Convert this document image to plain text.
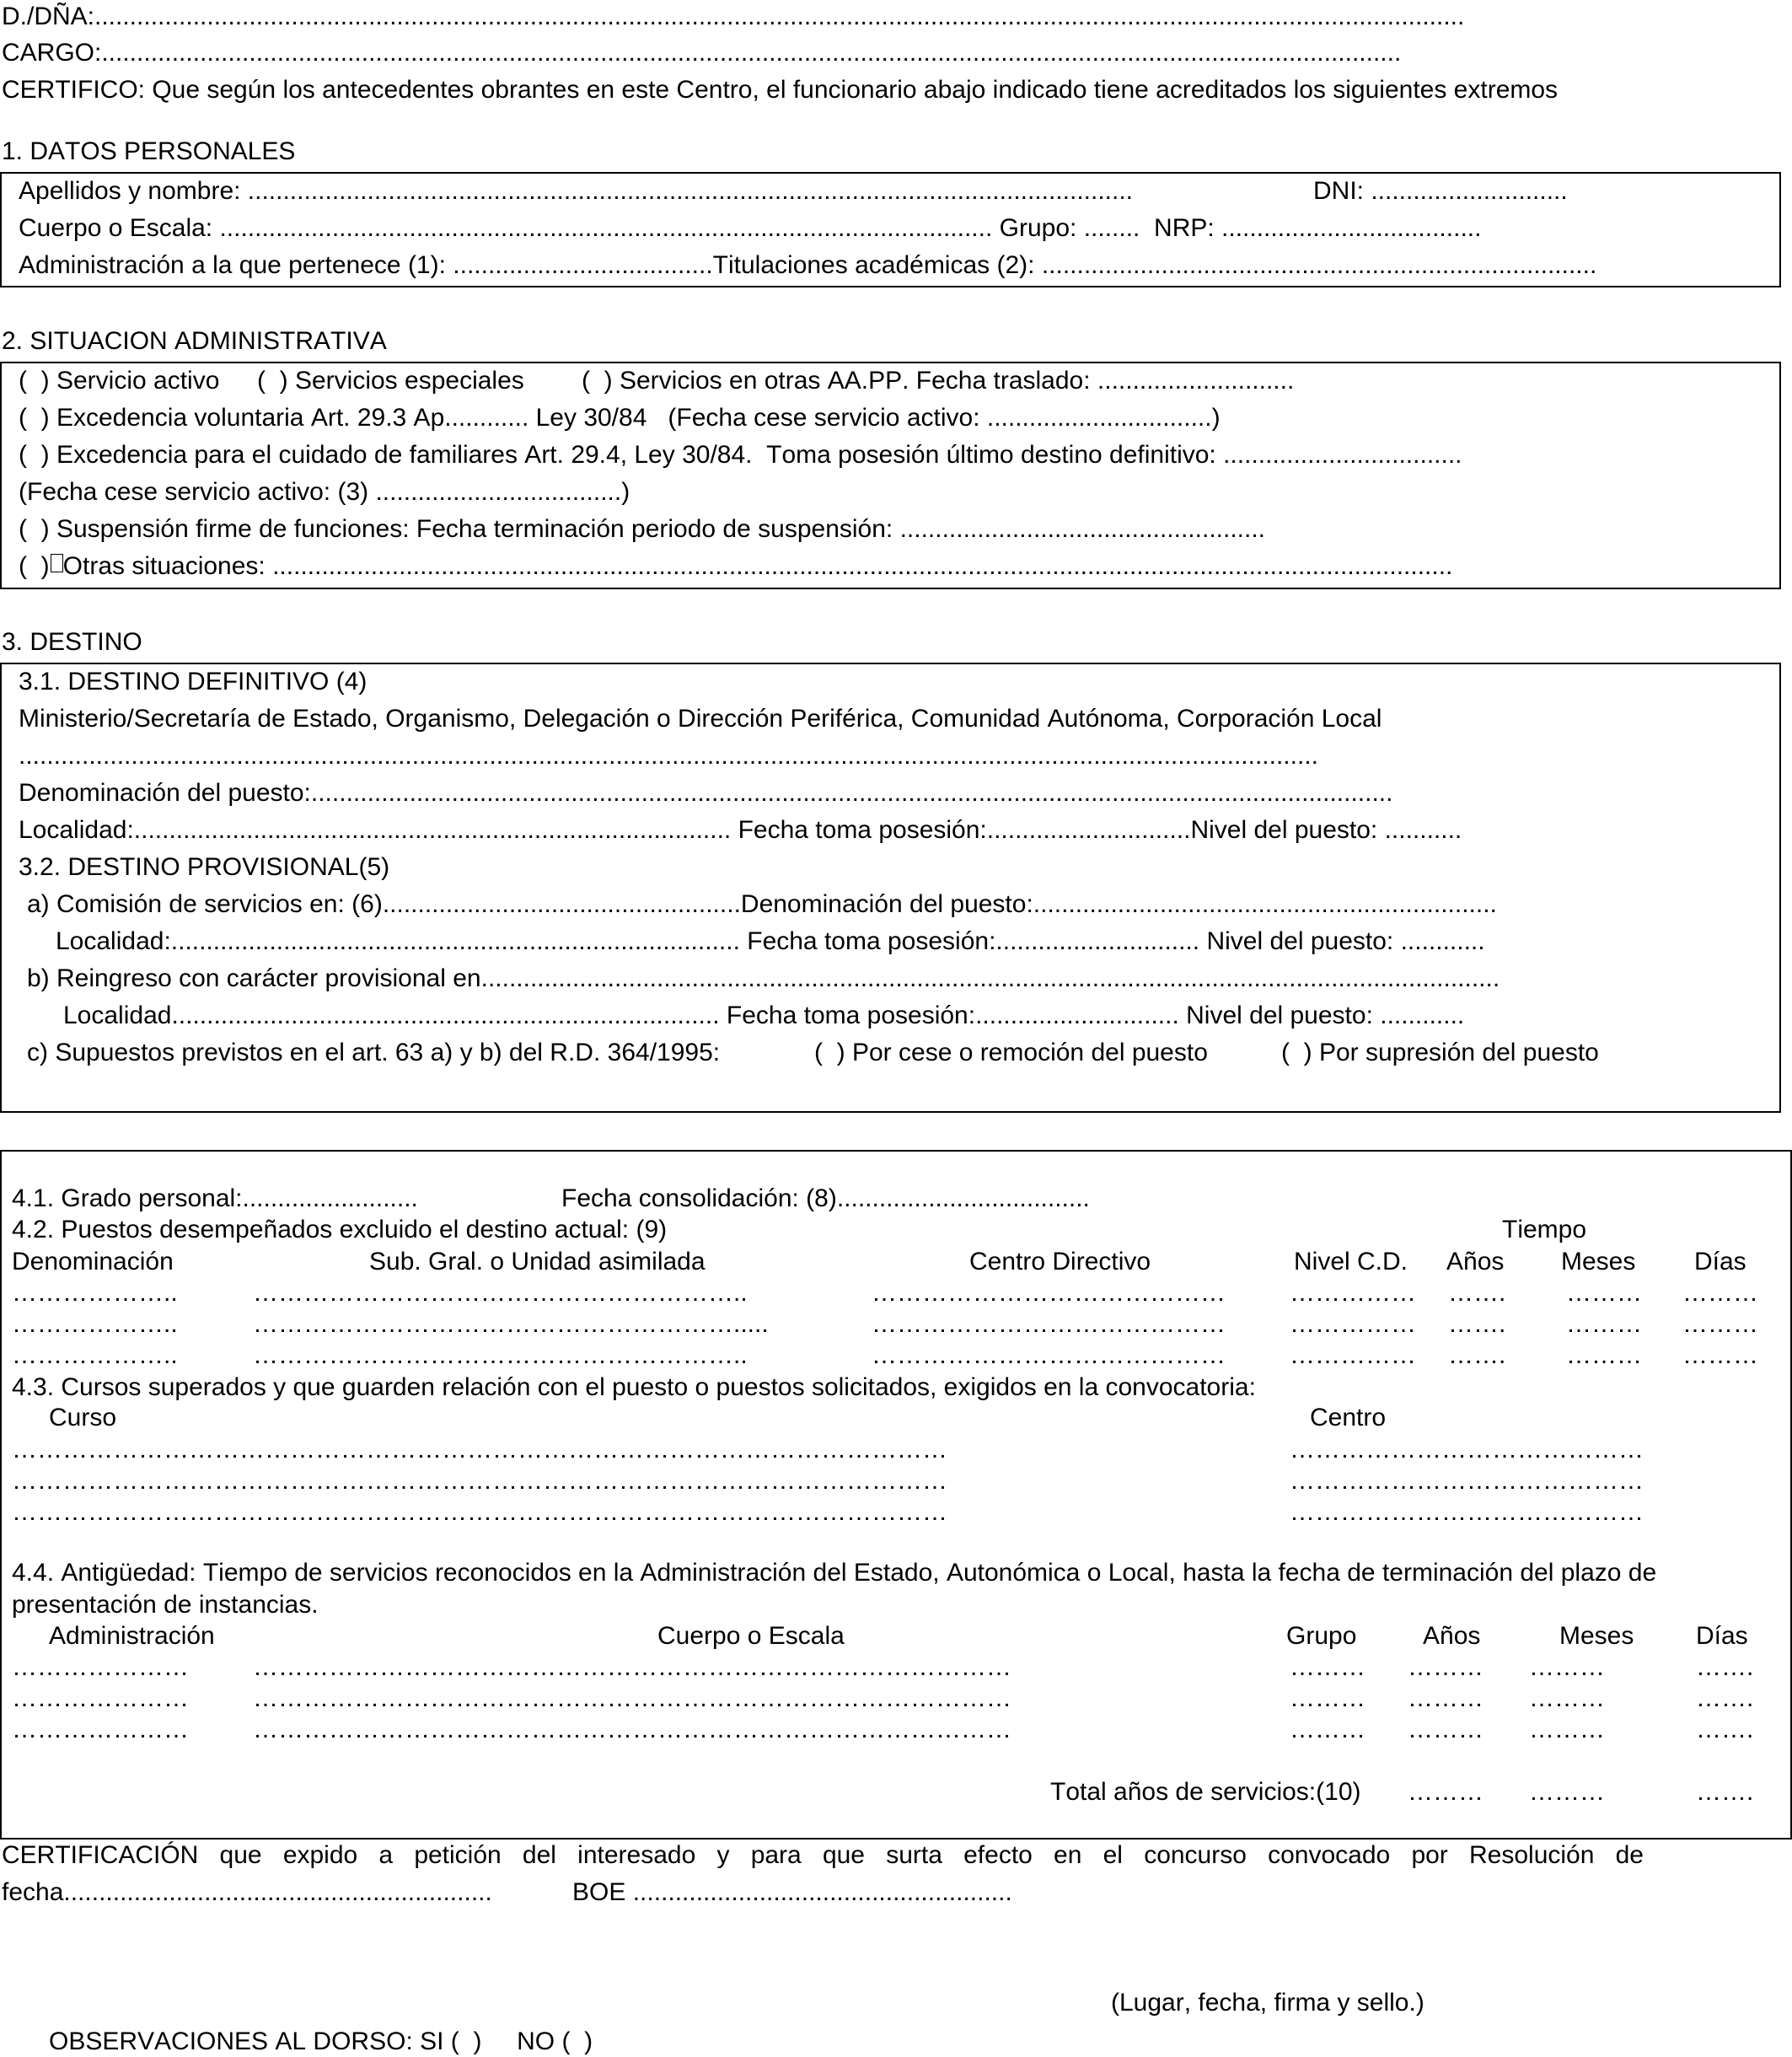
D./DÑA:...................................................................................................................................................................................................
CARGO:.........................................................................................................................................................................................
CERTIFICO: Que según los antecedentes obrantes en este Centro, el funcionario abajo indicado tiene acreditados los siguientes extremos
1. DATOS PERSONALES
Apellidos y nombre: ..............................................................................................................................	DNI: ............................
Cuerpo o Escala: .............................................................................................................. Grupo: ........  NRP: .....................................
Administración a la que pertenece (1): .....................................Titulaciones académicas (2): ...............................................................................
2. SITUACION ADMINISTRATIVA
(  ) Servicio activo (  ) Servicios especiales (  ) Servicios en otras AA.PP. Fecha traslado: ............................
(  ) Excedencia voluntaria Art. 29.3 Ap............ Ley 30/84   (Fecha cese servicio activo: ................................)
(  ) Excedencia para el cuidado de familiares Art. 29.4, Ley 30/84.  Toma posesión último destino definitivo: ..................................
(Fecha cese servicio activo: (3) ...................................)
(  ) Suspensión firme de funciones: Fecha terminación periodo de suspensión: ....................................................
(  ) Otras situaciones: ........................................................................................................................................................................
3. DESTINO
3.1. DESTINO DEFINITIVO (4)
Ministerio/Secretaría de Estado, Organismo, Delegación o Dirección Periférica, Comunidad Autónoma, Corporación Local
.........................................................................................................................................................................................
Denominación del puesto:..........................................................................................................................................................
Localidad:..................................................................................... Fecha toma posesión:.............................Nivel del puesto: ...........
3.2. DESTINO PROVISIONAL(5)
a) Comisión de servicios en: (6)...................................................Denominación del puesto:..................................................................
Localidad:................................................................................. Fecha toma posesión:............................. Nivel del puesto: ............
b) Reingreso con carácter provisional en.................................................................................................................................................
Localidad.............................................................................. Fecha toma posesión:............................. Nivel del puesto: ............
c) Supuestos previstos en el art. 63 a) y b) del R.D. 364/1995:	(  ) Por cese o remoción del puesto	(  ) Por supresión del puesto
4.1. Grado personal:.........................	Fecha consolidación: (8)....................................
4.2. Puestos desempeñados excluido el destino actual: (9)	Tiempo
Denominación	Sub. Gral. o Unidad asimilada	Centro Directivo	Nivel C.D. Años Meses Días
………………..	…………………………………………………..	……………………………………	…………… ……. ……… ………
………………..	………………………………………………….....	……………………………………	…………… ……. ……… ………
………………..	…………………………………………………..	……………………………………	…………… ……. ……… ………
4.3. Cursos superados y que guarden relación con el puesto o puestos solicitados, exigidos en la convocatoria:
Curso	Centro
…………………………………………………………………………………………………	……………………………………
…………………………………………………………………………………………………	……………………………………
…………………………………………………………………………………………………	……………………………………
4.4. Antigüedad: Tiempo de servicios reconocidos en la Administración del Estado, Autonómica o Local, hasta la fecha de terminación del plazo de
presentación de instancias.
Administración	Cuerpo o Escala	Grupo	Años	Meses Días
…………………	………………………………………………………………………………	……… ……… ………	…….
…………………	………………………………………………………………………………	……… ……… ………	…….
…………………	………………………………………………………………………………	……… ……… ………	…….
Total años de servicios:(10) ……… ………	…….
CERTIFICACIÓN que expido a petición del interesado y para que surta efecto en el concurso convocado por Resolución de
fecha.............................................................	BOE ......................................................
(Lugar, fecha, firma y sello.)
OBSERVACIONES AL DORSO: SI (  )     NO (  )
